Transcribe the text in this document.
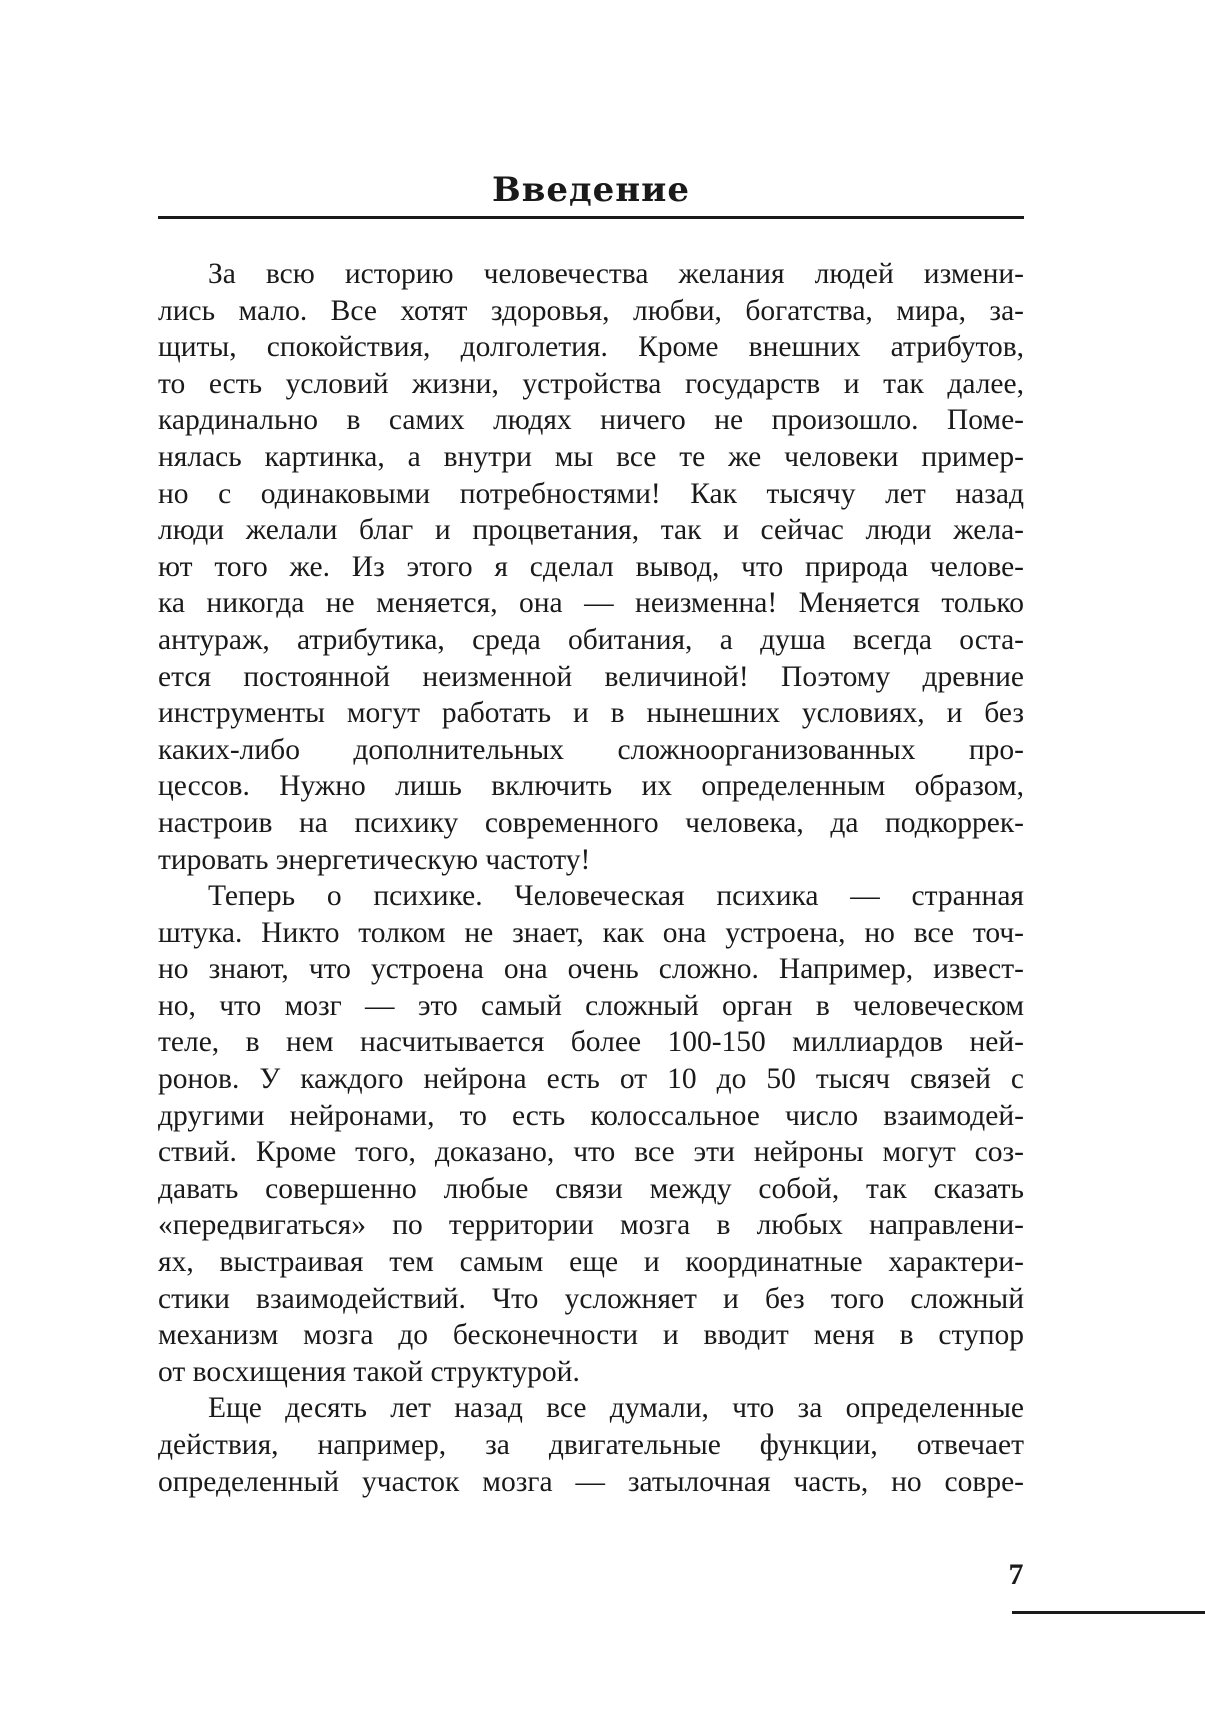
Введение
За всю историю человечества желания людей измени-
лись мало. Все хотят здоровья, любви, богатства, мира, за-
щиты, спокойствия, долголетия. Кроме внешних атрибутов,
то есть условий жизни, устройства государств и так далее,
кардинально в самих людях ничего не произошло. Поме-
нялась картинка, а внутри мы все те же человеки пример-
но с одинаковыми потребностями! Как тысячу лет назад
люди желали благ и процветания, так и сейчас люди жела-
ют того же. Из этого я сделал вывод, что природа челове-
ка никогда не меняется, она — неизменна! Меняется только
антураж, атрибутика, среда обитания, а душа всегда оста-
ется постоянной неизменной величиной! Поэтому древние
инструменты могут работать и в нынешних условиях, и без
каких-либо дополнительных сложноорганизованных про-
цессов. Нужно лишь включить их определенным образом,
настроив на психику современного человека, да подкоррек-
тировать энергетическую частоту!
Теперь о психике. Человеческая психика — странная
штука. Никто толком не знает, как она устроена, но все точ-
но знают, что устроена она очень сложно. Например, извест-
но, что мозг — это самый сложный орган в человеческом
теле, в нем насчитывается более 100-150 миллиардов ней-
ронов. У каждого нейрона есть от 10 до 50 тысяч связей с
другими нейронами, то есть колоссальное число взаимодей-
ствий. Кроме того, доказано, что все эти нейроны могут соз-
давать совершенно любые связи между собой, так сказать
«передвигаться» по территории мозга в любых направлени-
ях, выстраивая тем самым еще и координатные характери-
стики взаимодействий. Что усложняет и без того сложный
механизм мозга до бесконечности и вводит меня в ступор
от восхищения такой структурой.
Еще десять лет назад все думали, что за определенные
действия, например, за двигательные функции, отвечает
определенный участок мозга — затылочная часть, но совре-
7
